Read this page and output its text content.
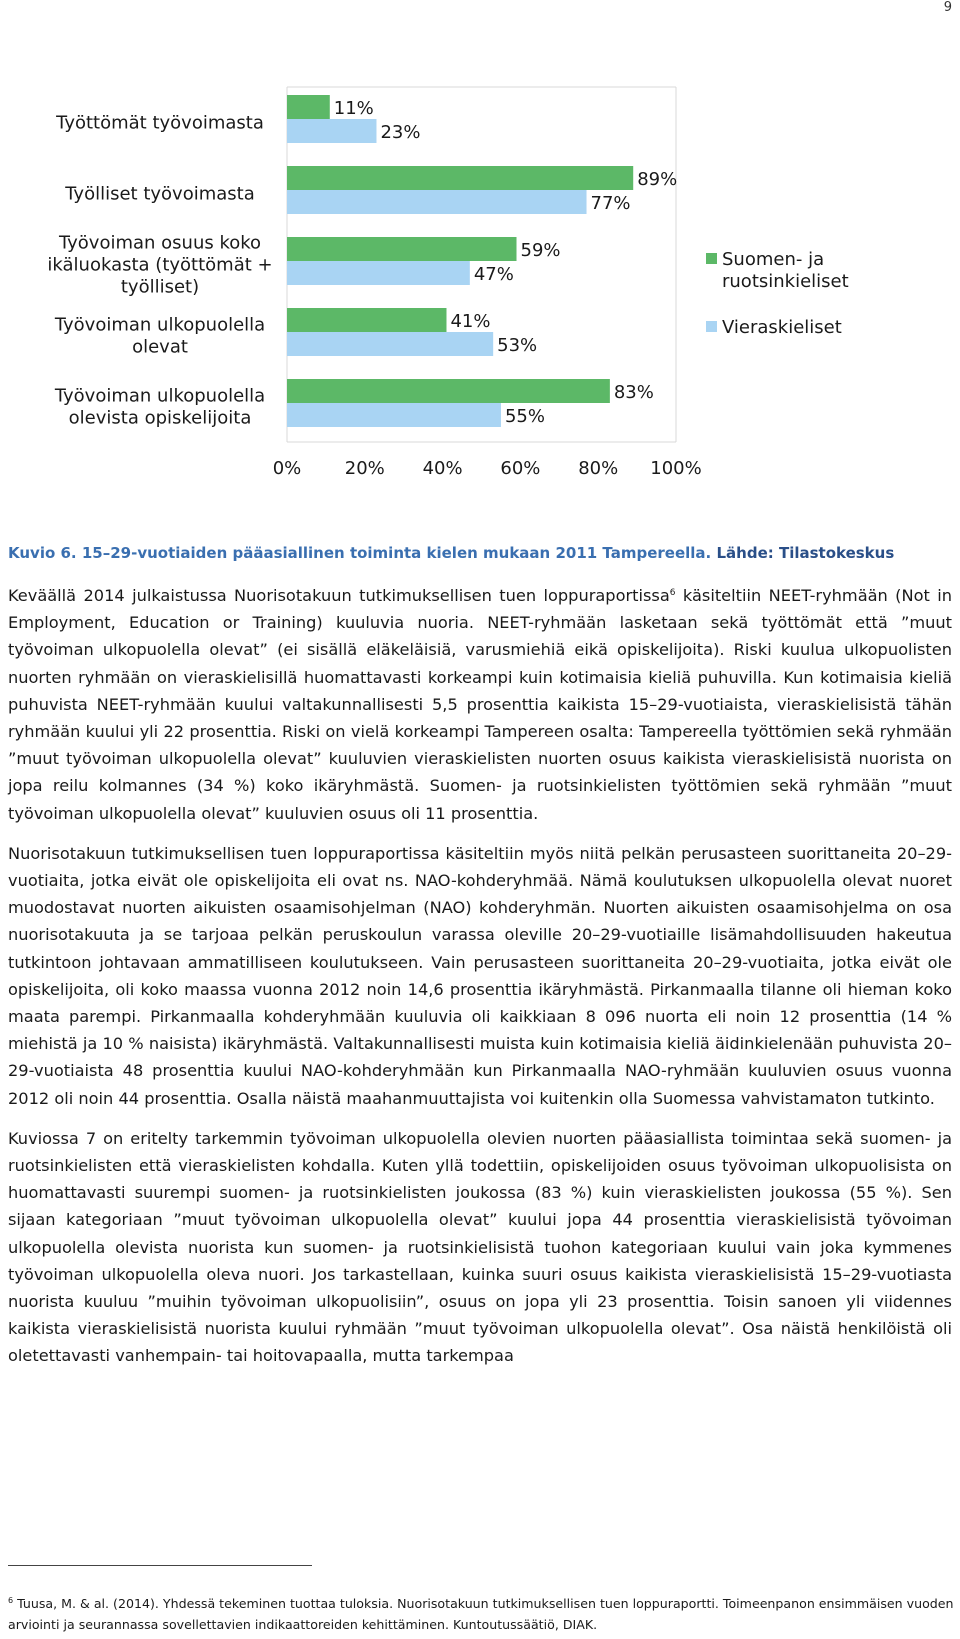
9
Työttömät työvoimasta
11%
23%
Työlliset työvoimasta
89%
77%
Työvoiman osuus koko
ikäluokasta (työttömät +
työlliset)
59%
47%
Työvoiman ulkopuolella
olevat
41%
53%
Työvoiman ulkopuolella
olevista opiskelijoita
83%
55%
0% 20% 40% 60% 80% 100%
Suomen- ja
ruotsinkieliset
Vieraskieliset
Kuvio 6. 15–29-vuotiaiden pääasiallinen toiminta kielen mukaan 2011 Tampereella. Lähde: Tilastokeskus

Keväällä 2014 julkaistussa Nuorisotakuun tutkimuksellisen tuen loppuraportissa$^6$ käsiteltiin NEET-ryhmään (Not in Employment, Education or Training) kuuluvia nuoria. NEET-ryhmään lasketaan sekä työttömät että ”muut työvoiman ulkopuolella olevat” (ei sisällä eläkeläisiä, varusmiehiä eikä opiskelijoita). Riski kuulua ulkopuolisten nuorten ryhmään on vieraskielisillä huomattavasti korkeampi kuin kotimaisia kieliä puhuvilla. Kun kotimaisia kieliä puhuvista NEET-ryhmään kuului valtakunnallisesti 5,5 prosenttia kaikista 15–29-vuotiaista, vieraskielisistä tähän ryhmään kuului yli 22 prosenttia. Riski on vielä korkeampi Tampereen osalta: Tampereella työttömien sekä ryhmään ”muut työvoiman ulkopuolella olevat” kuuluvien vieraskielisten nuorten osuus kaikista vieraskielisistä nuorista on jopa reilu kolmannes (34 %) koko ikäryhmästä. Suomen- ja ruotsinkielisten työttömien sekä ryhmään ”muut työvoiman ulkopuolella olevat” kuuluvien osuus oli 11 prosenttia.

Nuorisotakuun tutkimuksellisen tuen loppuraportissa käsiteltiin myös niitä pelkän perusasteen suorittaneita 20–29-vuotiaita, jotka eivät ole opiskelijoita eli ovat ns. NAO-kohderyhmää. Nämä koulutuksen ulkopuolella olevat nuoret muodostavat nuorten aikuisten osaamisohjelman (NAO) kohderyhmän. Nuorten aikuisten osaamisohjelma on osa nuorisotakuuta ja se tarjoaa pelkän peruskoulun varassa oleville 20–29-vuotiaille lisämahdollisuuden hakeutua tutkintoon johtavaan ammatilliseen koulutukseen. Vain perusasteen suorittaneita 20–29-vuotiaita, jotka eivät ole opiskelijoita, oli koko maassa vuonna 2012 noin 14,6 prosenttia ikäryhmästä. Pirkanmaalla tilanne oli hieman koko maata parempi. Pirkanmaalla kohderyhmään kuuluvia oli kaikkiaan 8 096 nuorta eli noin 12 prosenttia (14 % miehistä ja 10 % naisista) ikäryhmästä. Valtakunnallisesti muista kuin kotimaisia kieliä äidinkielenään puhuvista 20–29-vuotiaista 48 prosenttia kuului NAO-kohderyhmään kun Pirkanmaalla NAO-ryhmään kuuluvien osuus vuonna 2012 oli noin 44 prosenttia. Osalla näistä maahanmuuttajista voi kuitenkin olla Suomessa vahvistamaton tutkinto.

Kuviossa 7 on eritelty tarkemmin työvoiman ulkopuolella olevien nuorten pääasiallista toimintaa sekä suomen- ja ruotsinkielisten että vieraskielisten kohdalla. Kuten yllä todettiin, opiskelijoiden osuus työvoiman ulkopuolisista on huomattavasti suurempi suomen- ja ruotsinkielisten joukossa (83 %) kuin vieraskielisten joukossa (55 %). Sen sijaan kategoriaan ”muut työvoiman ulkopuolella olevat” kuului jopa 44 prosenttia vieraskielisistä työvoiman ulkopuolella olevista nuorista kun suomen- ja ruotsinkielisistä tuohon kategoriaan kuului vain joka kymmenes työvoiman ulkopuolella oleva nuori. Jos tarkastellaan, kuinka suuri osuus kaikista vieraskielisistä 15–29-vuotiasta nuorista kuuluu ”muihin työvoiman ulkopuolisiin”, osuus on jopa yli 23 prosenttia. Toisin sanoen yli viidennes kaikista vieraskielisistä nuorista kuului ryhmään ”muut työvoiman ulkopuolella olevat”. Osa näistä henkilöistä oli oletettavasti vanhempain- tai hoitovapaalla, mutta tarkempaa

$^6$ Tuusa, M. & al. (2014). Yhdessä tekeminen tuottaa tuloksia. Nuorisotakuun tutkimuksellisen tuen loppuraportti. Toimeenpanon ensimmäisen vuoden arviointi ja seurannassa sovellettavien indikaattoreiden kehittäminen. Kuntoutussäätiö, DIAK.
